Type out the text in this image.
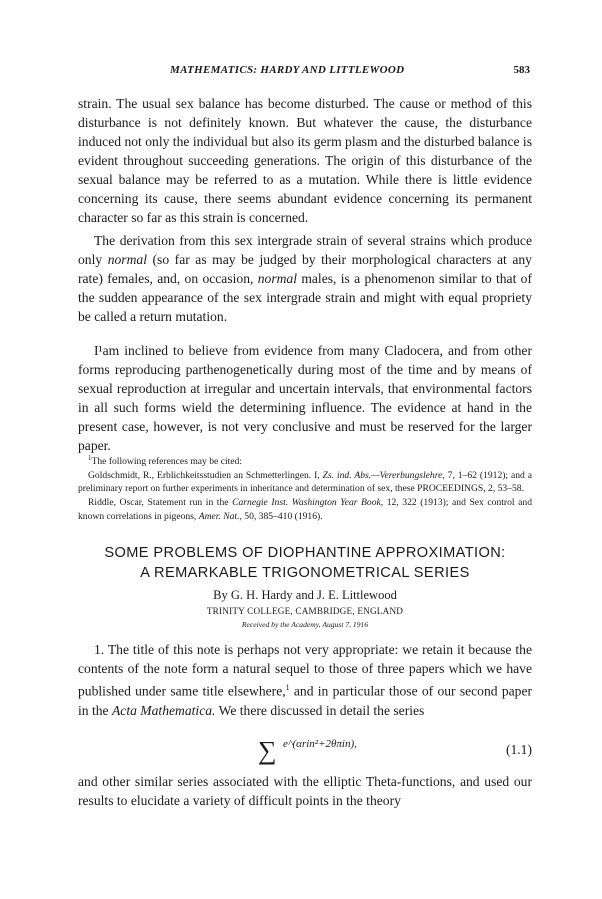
MATHEMATICS: HARDY AND LITTLEWOOD	583

strain. The usual sex balance has become disturbed. The cause or method of this disturbance is not definitely known. But whatever the cause, the disturbance induced not only the individual but also its germ plasm and the disturbed balance is evident throughout succeeding generations. The origin of this disturbance of the sexual balance may be referred to as a mutation. While there is little evidence concerning its cause, there seems abundant evidence concerning its permanent character so far as this strain is concerned.

The derivation from this sex intergrade strain of several strains which produce only normal (so far as may be judged by their morphological characters at any rate) females, and, on occasion, normal males, is a phenomenon similar to that of the sudden appearance of the sex intergrade strain and might with equal propriety be called a return mutation.

I¹am inclined to believe from evidence from many Cladocera, and from other forms reproducing parthenogenetically during most of the time and by means of sexual reproduction at irregular and uncertain intervals, that environmental factors in all such forms wield the determining influence. The evidence at hand in the present case, however, is not very conclusive and must be reserved for the larger paper.

$^1$The following references may be cited:

Goldschmidt, R., Erblichkeitsstudien an Schmetterlingen. I, Zs. ind. Abs.—Vererbungslehre, 7, 1–62 (1912); and a preliminary report on further experiments in inheritance and determination of sex, these PROCEEDINGS, 2, 53–58.

Riddle, Oscar, Statement run in the Carnegie Inst. Washington Year Book, 12, 322 (1913); and Sex control and known correlations in pigeons, Amer. Nat., 50, 385–410 (1916).

SOME PROBLEMS OF DIOPHANTINE APPROXIMATION:
A REMARKABLE TRIGONOMETRICAL SERIES
By G. H. Hardy and J. E. Littlewood
TRINITY COLLEGE, CAMBRIDGE, ENGLAND
Received by the Academy, August 7, 1916

1. The title of this note is perhaps not very appropriate: we retain it because the contents of the note form a natural sequel to those of three papers which we have published under same title elsewhere,$^1$ and in particular those of our second paper in the Acta Mathematica. We there discussed in detail the series

∑ e^(αrin²+2θπin),	(1.1)

and other similar series associated with the elliptic Theta-functions, and used our results to elucidate a variety of difficult points in the theory
